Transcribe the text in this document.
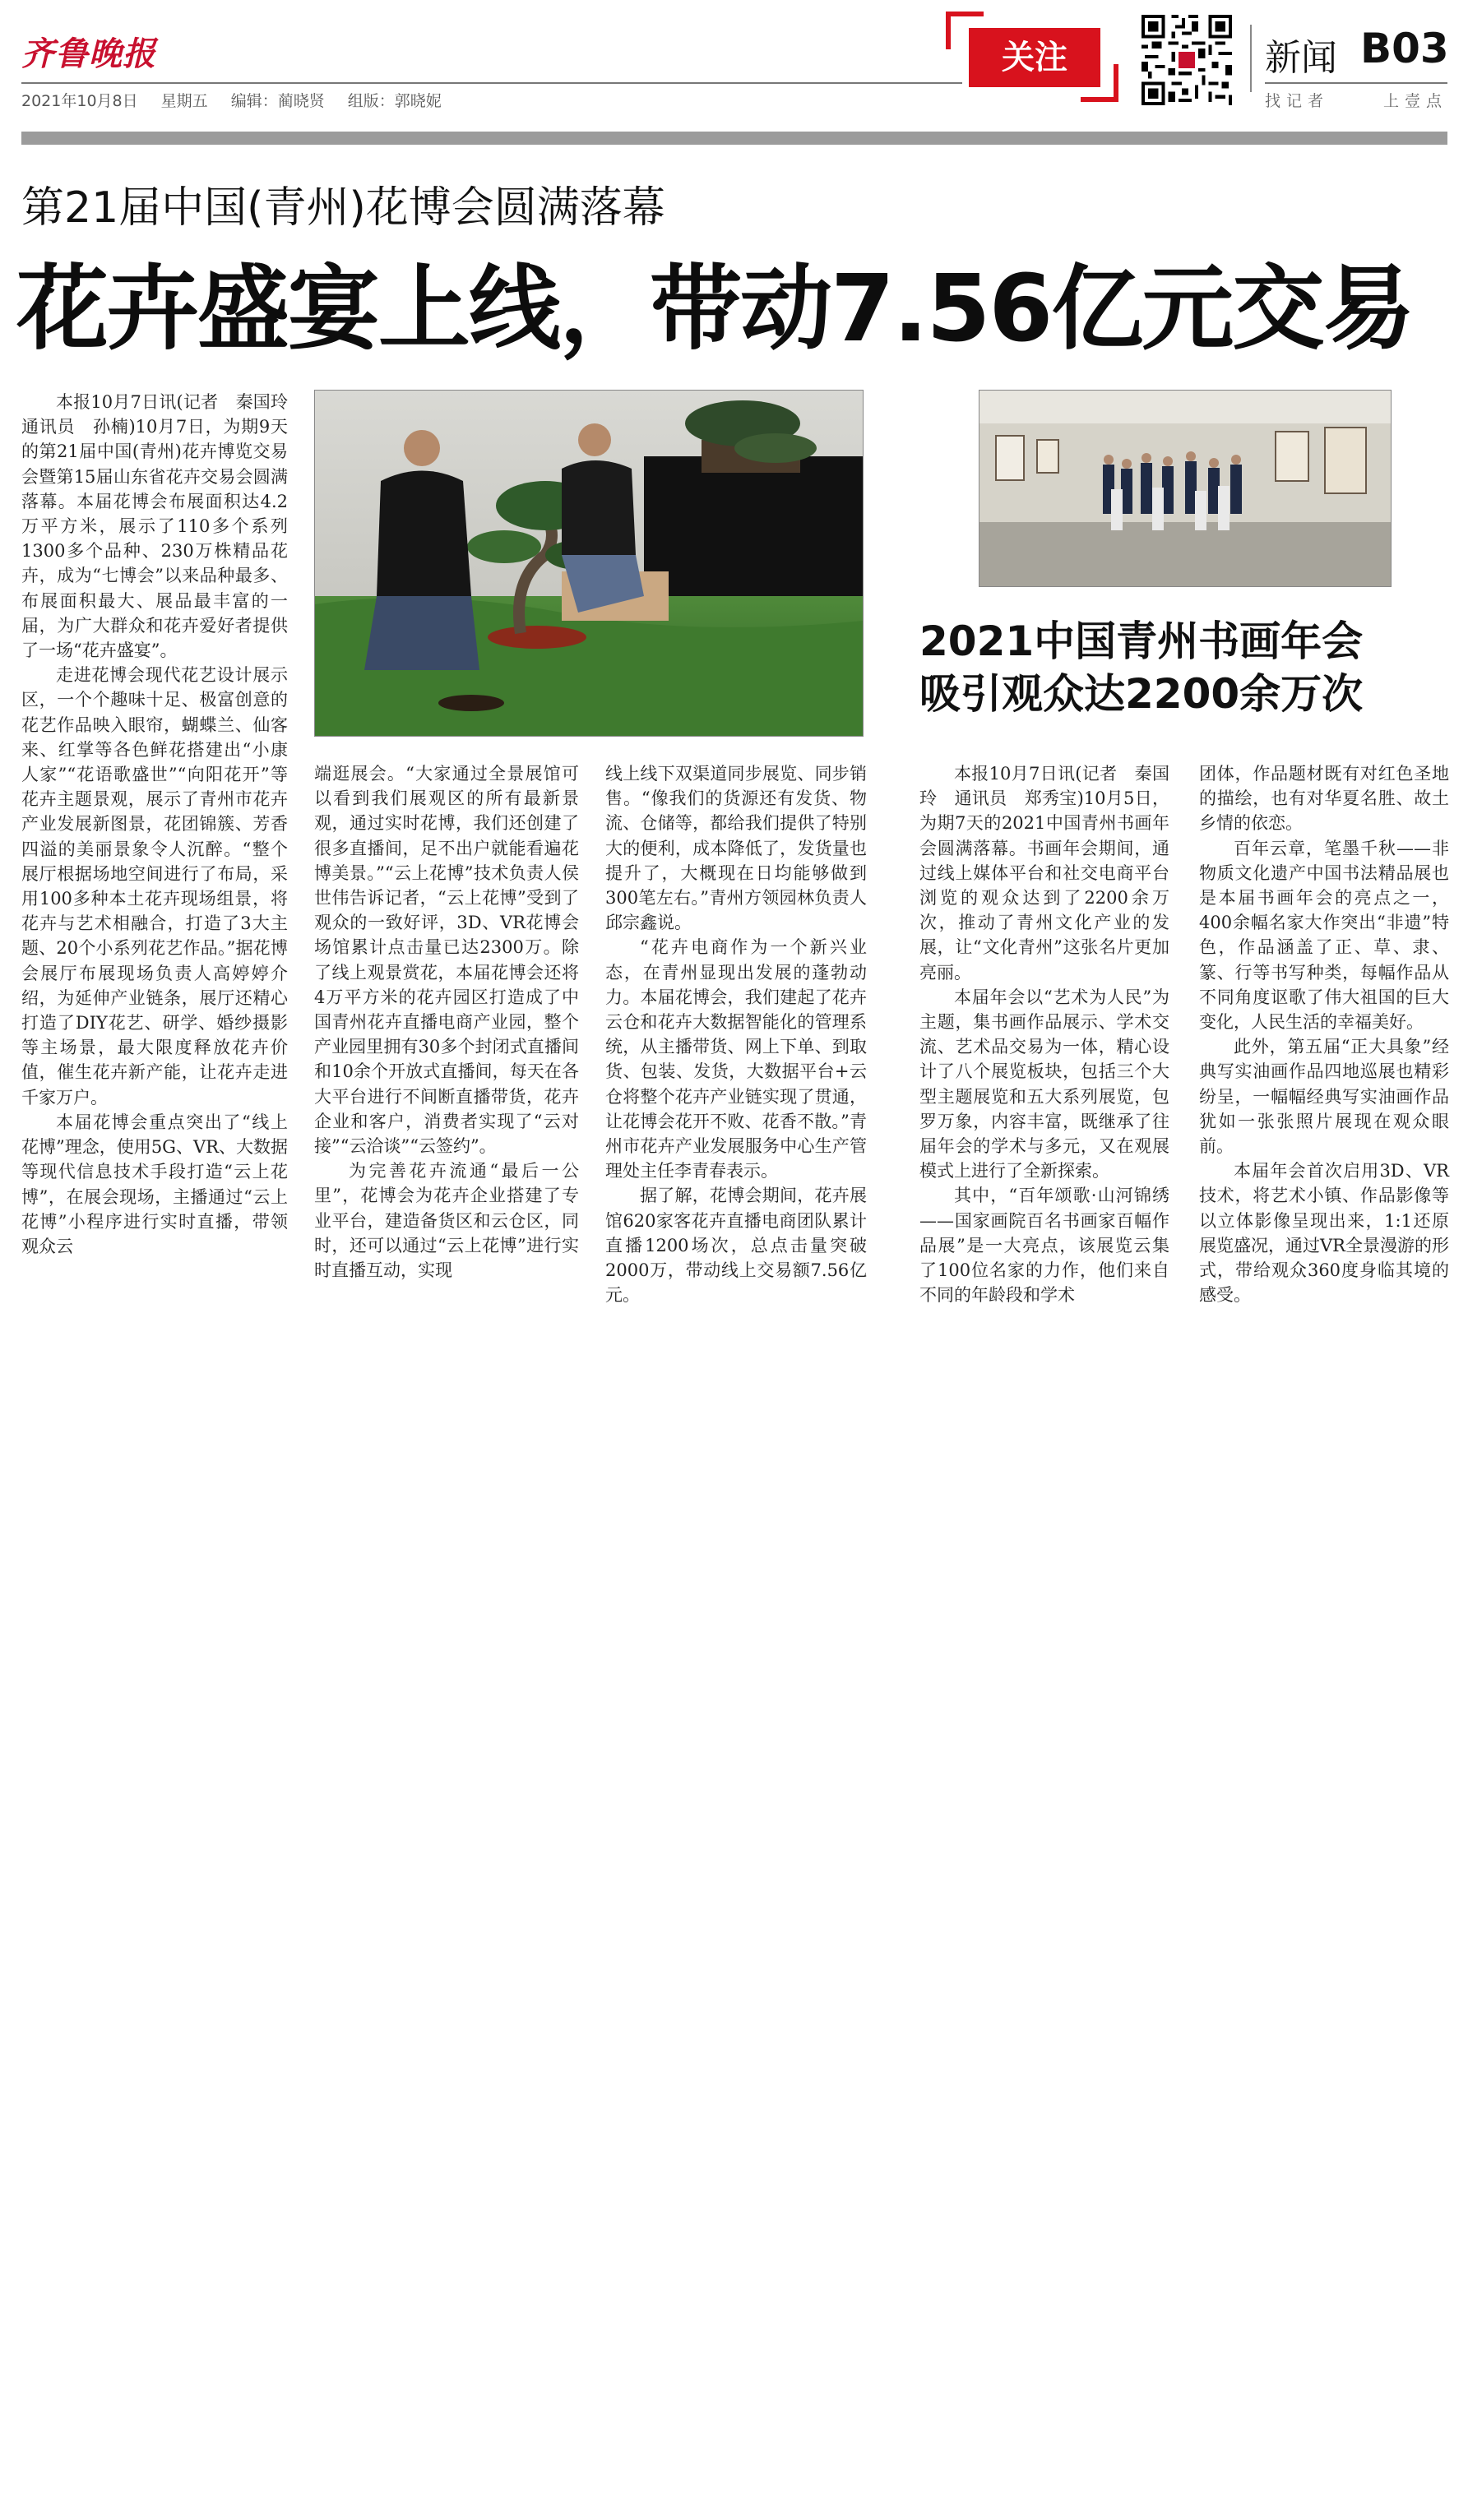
齐鲁晚报
2021年10月8日 星期五 编辑：蔺晓贤 组版：郭晓妮
关注	新闻 B03
找记者	上壹点
第21届中国(青州)花博会圆满落幕
花卉盛宴上线，带动7.56亿元交易

本报10月7日讯(记者　秦国玲　通讯员　孙楠)10月7日，为期9天的第21届中国(青州)花卉博览交易会暨第15届山东省花卉交易会圆满落幕。本届花博会布展面积达4.2万平方米，展示了110多个系列1300多个品种、230万株精品花卉，成为“七博会”以来品种最多、布展面积最大、展品最丰富的一届，为广大群众和花卉爱好者提供了一场“花卉盛宴”。

走进花博会现代花艺设计展示区，一个个趣味十足、极富创意的花艺作品映入眼帘，蝴蝶兰、仙客来、红掌等各色鲜花搭建出“小康人家”“花语歌盛世”“向阳花开”等花卉主题景观，展示了青州市花卉产业发展新图景，花团锦簇、芳香四溢的美丽景象令人沉醉。“整个展厅根据场地空间进行了布局，采用100多种本土花卉现场组景，将花卉与艺术相融合，打造了3大主题、20个小系列花艺作品。”据花博会展厅布展现场负责人高婷婷介绍，为延伸产业链条，展厅还精心打造了DIY花艺、研学、婚纱摄影等主场景，最大限度释放花卉价值，催生花卉新产能，让花卉走进千家万户。

本届花博会重点突出了“线上花博”理念，使用5G、VR、大数据等现代信息技术手段打造“云上花博”，在展会现场，主播通过“云上花博”小程序进行实时直播，带领观众云

端逛展会。“大家通过全景展馆可以看到我们展观区的所有最新景观，通过实时花博，我们还创建了很多直播间，足不出户就能看遍花博美景。”“云上花博”技术负责人侯世伟告诉记者，“云上花博”受到了观众的一致好评，3D、VR花博会场馆累计点击量已达2300万。除了线上观景赏花，本届花博会还将4万平方米的花卉园区打造成了中国青州花卉直播电商产业园，整个产业园里拥有30多个封闭式直播间和10余个开放式直播间，每天在各大平台进行不间断直播带货，花卉企业和客户，消费者实现了“云对接”“云洽谈”“云签约”。

为完善花卉流通“最后一公里”，花博会为花卉企业搭建了专业平台，建造备货区和云仓区，同时，还可以通过“云上花博”进行实时直播互动，实现

线上线下双渠道同步展览、同步销售。“像我们的货源还有发货、物流、仓储等，都给我们提供了特别大的便利，成本降低了，发货量也提升了，大概现在日均能够做到300笔左右。”青州方领园林负责人邱宗鑫说。

“花卉电商作为一个新兴业态，在青州显现出发展的蓬勃动力。本届花博会，我们建起了花卉云仓和花卉大数据智能化的管理系统，从主播带货、网上下单、到取货、包装、发货，大数据平台+云仓将整个花卉产业链实现了贯通，让花博会花开不败、花香不散。”青州市花卉产业发展服务中心生产管理处主任李青春表示。

据了解，花博会期间，花卉展馆620家客花卉直播电商团队累计直播1200场次，总点击量突破2000万，带动线上交易额7.56亿元。

2021中国青州书画年会
吸引观众达2200余万次

本报10月7日讯(记者　秦国玲　通讯员　郑秀宝)10月5日，为期7天的2021中国青州书画年会圆满落幕。书画年会期间，通过线上媒体平台和社交电商平台浏览的观众达到了2200余万次，推动了青州文化产业的发展，让“文化青州”这张名片更加亮丽。

本届年会以“艺术为人民”为主题，集书画作品展示、学术交流、艺术品交易为一体，精心设计了八个展览板块，包括三个大型主题展览和五大系列展览，包罗万象，内容丰富，既继承了往届年会的学术与多元，又在观展模式上进行了全新探索。

其中，“百年颂歌·山河锦绣——国家画院百名书画家百幅作品展”是一大亮点，该展览云集了100位名家的力作，他们来自不同的年龄段和学术

团体，作品题材既有对红色圣地的描绘，也有对华夏名胜、故土乡情的依恋。

百年云章，笔墨千秋——非物质文化遗产中国书法精品展也是本届书画年会的亮点之一，400余幅名家大作突出“非遗”特色，作品涵盖了正、草、隶、篆、行等书写种类，每幅作品从不同角度讴歌了伟大祖国的巨大变化，人民生活的幸福美好。

此外，第五届“正大具象”经典写实油画作品四地巡展也精彩纷呈，一幅幅经典写实油画作品犹如一张张照片展现在观众眼前。

本届年会首次启用3D、VR技术，将艺术小镇、作品影像等以立体影像呈现出来，1:1还原展览盛况，通过VR全景漫游的形式，带给观众360度身临其境的感受。
